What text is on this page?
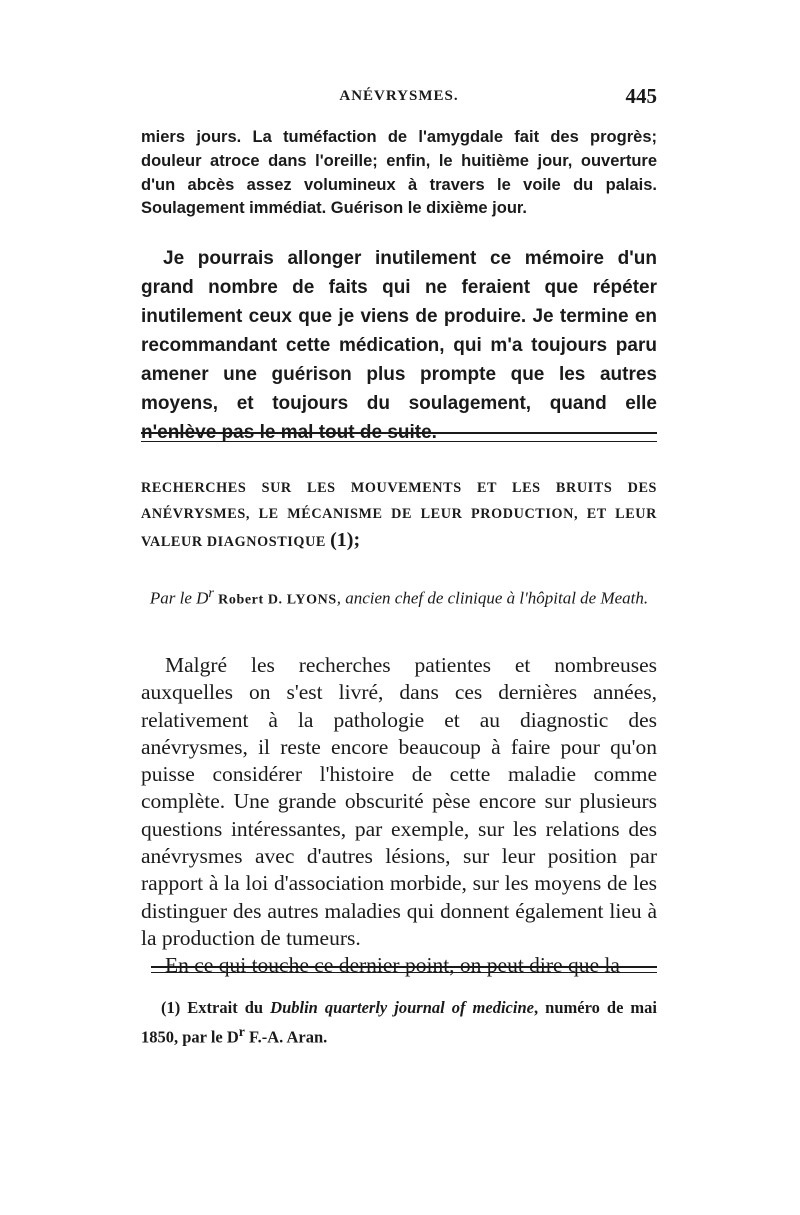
ANÉVRYSMES.	445

miers jours. La tuméfaction de l'amygdale fait des progrès; douleur atroce dans l'oreille; enfin, le huitième jour, ouverture d'un abcès assez volumineux à travers le voile du palais. Soulagement immédiat. Guérison le dixième jour.

Je pourrais allonger inutilement ce mémoire d'un grand nombre de faits qui ne feraient que répéter inutilement ceux que je viens de produire. Je termine en recommandant cette médication, qui m'a toujours paru amener une guérison plus prompte que les autres moyens, et toujours du soulagement, quand elle n'enlève pas le mal tout de suite.

RECHERCHES SUR LES MOUVEMENTS ET LES BRUITS DES ANÉVRYSMES, LE MÉCANISME DE LEUR PRODUCTION, ET LEUR VALEUR DIAGNOSTIQUE (1);

Par le $D^r$ Robert D. LYONS, ancien chef de clinique à l'hôpital de Meath.

Malgré les recherches patientes et nombreuses auxquelles on s'est livré, dans ces dernières années, relativement à la pathologie et au diagnostic des anévrysmes, il reste encore beaucoup à faire pour qu'on puisse considérer l'histoire de cette maladie comme complète. Une grande obscurité pèse encore sur plusieurs questions intéressantes, par exemple, sur les relations des anévrysmes avec d'autres lésions, sur leur position par rapport à la loi d'association morbide, sur les moyens de les distinguer des autres maladies qui donnent également lieu à la production de tumeurs.

En ce qui touche ce dernier point, on peut dire que la

(1) Extrait du Dublin quarterly journal of medicine, numéro de mai 1850, par le $D^r$ F.-A. Aran.
